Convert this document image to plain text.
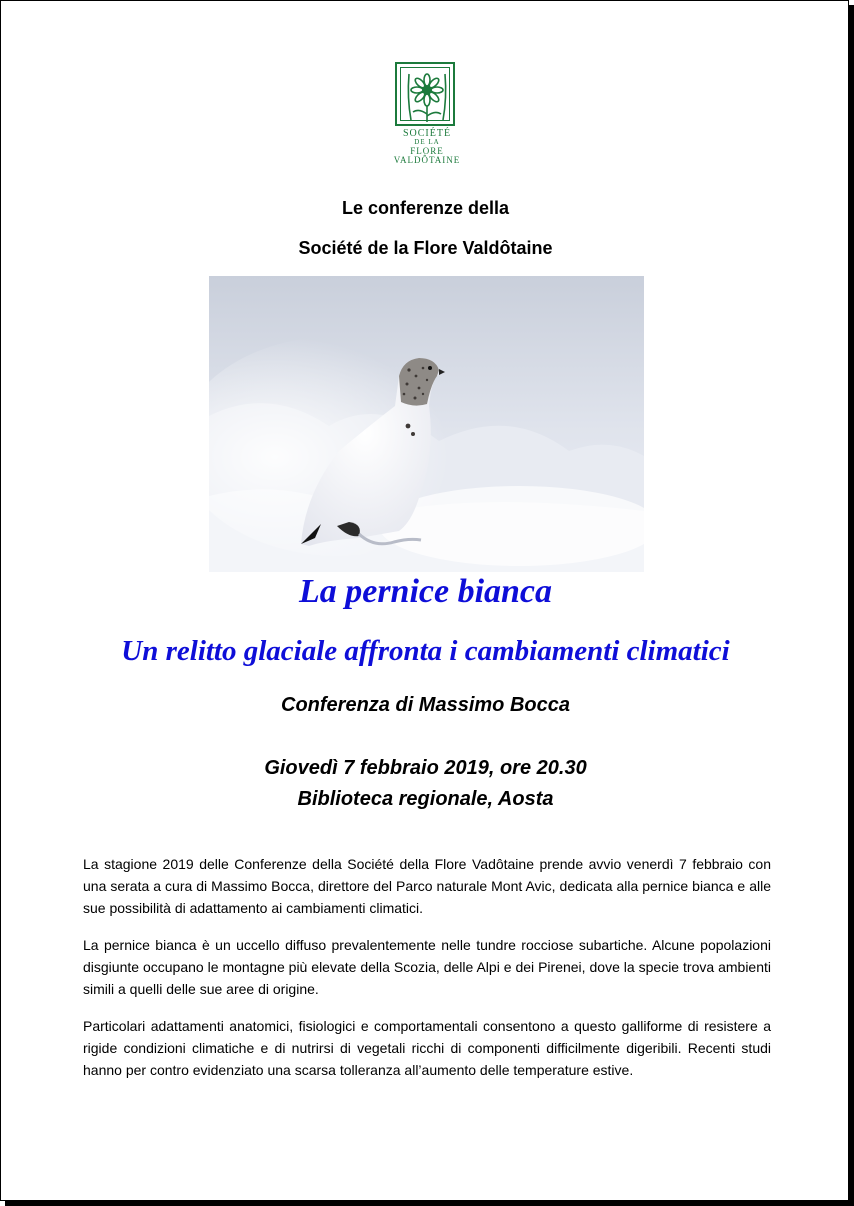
SOCIÉTÉ
DE LA
FLORE VALDÔTAINE
Le conferenze della
Société de la Flore Valdôtaine
La pernice bianca
Un relitto glaciale affronta i cambiamenti climatici
Conferenza di Massimo Bocca
Giovedì 7 febbraio 2019, ore 20.30
Biblioteca regionale, Aosta
La stagione 2019 delle Conferenze della Société della Flore Vadôtaine prende avvio venerdì 7 febbraio con una serata a cura di Massimo Bocca, direttore del Parco naturale Mont Avic, dedicata alla pernice bianca e alle sue possibilità di adattamento ai cambiamenti climatici.
La pernice bianca è un uccello diffuso prevalentemente nelle tundre rocciose subartiche. Alcune popolazioni disgiunte occupano le montagne più elevate della Scozia, delle Alpi e dei Pirenei, dove la specie trova ambienti simili a quelli delle sue aree di origine.
Particolari adattamenti anatomici, fisiologici e comportamentali consentono a questo galliforme di resistere a rigide condizioni climatiche e di nutrirsi di vegetali ricchi di componenti difficilmente digeribili. Recenti studi hanno per contro evidenziato una scarsa tolleranza all’aumento delle temperature estive.
